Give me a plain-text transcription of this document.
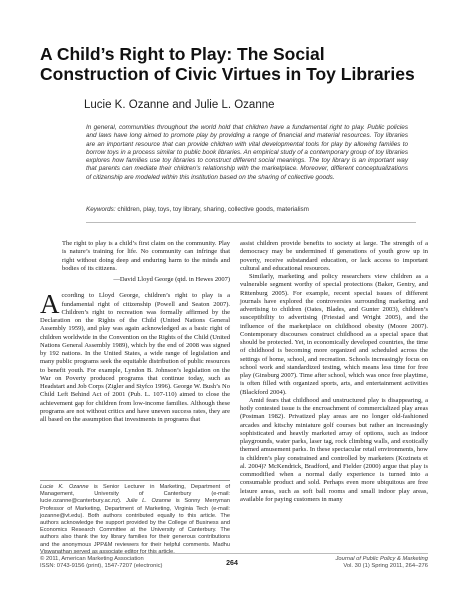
A Child’s Right to Play: The Social Construction of Civic Virtues in Toy Libraries
Lucie K. Ozanne and Julie L. Ozanne

In general, communities throughout the world hold that children have a fundamental right to play. Public policies and laws have long aimed to promote play by providing a range of financial and material resources. Toy libraries are an important resource that can provide children with vital developmental tools for play by allowing families to borrow toys in a process similar to public book libraries. An empirical study of a contemporary group of toy libraries explores how families use toy libraries to construct different social meanings. The toy library is an important way that parents can mediate their children’s relationship with the marketplace. Moreover, different conceptualizations of citizenship are modeled within this institution based on the sharing of collective goods.

Keywords: children, play, toys, toy library, sharing, collective goods, materialism

The right to play is a child’s first claim on the community. Play is nature’s training for life. No community can infringe that right without doing deep and enduring harm to the minds and bodies of its citizens.

—David Lloyd George (qtd. in Hewes 2007)

A ccording to Lloyd George, children’s right to play is a fundamental right of citizenship (Powell and Seaton 2007). Children’s right to recreation was formally affirmed by the Declaration on the Rights of the Child (United Nations General Assembly 1959), and play was again acknowledged as a basic right of children worldwide in the Convention on the Rights of the Child (United Nations General Assembly 1989), which by the end of 2008 was signed by 192 nations. In the United States, a wide range of legislation and many public programs seek the equitable distribution of public resources to benefit youth. For example, Lyndon B. Johnson’s legislation on the War on Poverty produced programs that continue today, such as Headstart and Job Corps (Zigler and Styfco 1996). George W. Bush’s No Child Left Behind Act of 2001 (Pub. L. 107-110) aimed to close the achievement gap for children from low-income families. Although these programs are not without critics and have uneven success rates, they are all based on the assumption that investments in programs that

assist children provide benefits to society at large. The strength of a democracy may be undermined if generations of youth grow up in poverty, receive substandard education, or lack access to important cultural and educational resources.

Similarly, marketing and policy researchers view children as a vulnerable segment worthy of special protections (Baker, Gentry, and Rittenburg 2005). For example, recent special issues of different journals have explored the controversies surrounding marketing and advertising to children (Oates, Blades, and Gunter 2003), children’s susceptibility to advertising (Friestad and Wright 2005), and the influence of the marketplace on childhood obesity (Moore 2007). Contemporary discourses construct childhood as a special space that should be protected. Yet, in economically developed countries, the time of childhood is becoming more organized and scheduled across the settings of home, school, and recreation. Schools increasingly focus on school work and standardized testing, which means less time for free play (Ginsburg 2007). Time after school, which was once free playtime, is often filled with organized sports, arts, and entertainment activities (Blackford 2004).

Amid fears that childhood and unstructured play is disappearing, a hotly contested issue is the encroachment of commercialized play areas (Postman 1982). Privatized play areas are no longer old-fashioned arcades and kitschy miniature golf courses but rather an increasingly sophisticated and heavily marketed array of options, such as indoor playgrounds, water parks, laser tag, rock climbing walls, and exotically themed amusement parks. In these spectacular retail environments, how is children’s play constrained and controlled by marketers (Kozinets et al. 2004)? McKendrick, Bradford, and Fielder (2000) argue that play is commodified when a normal daily experience is turned into a consumable product and sold. Perhaps even more ubiquitous are free leisure areas, such as soft ball rooms and small indoor play areas, available for paying customers in many

Lucie K. Ozanne is Senior Lecturer in Marketing, Department of Management, University of Canterbury (e-mail: lucie.ozanne@canterbury.ac.nz). Julie L. Ozanne is Sonny Merryman Professor of Marketing, Department of Marketing, Virginia Tech (e-mail: jozanne@vt.edu). Both authors contributed equally to this article. The authors acknowledge the support provided by the College of Business and Economics Research Committee at the University of Canterbury. The authors also thank the toy library families for their generous contributions and the anonymous JPP&M reviewers for their helpful comments. Madhu Viswanathan served as associate editor for this article.

© 2011, American Marketing Association
ISSN: 0743-9156 (print), 1547-7207 (electronic)	264
Journal of Public Policy & Marketing
Vol. 30 (1) Spring 2011, 264–276
